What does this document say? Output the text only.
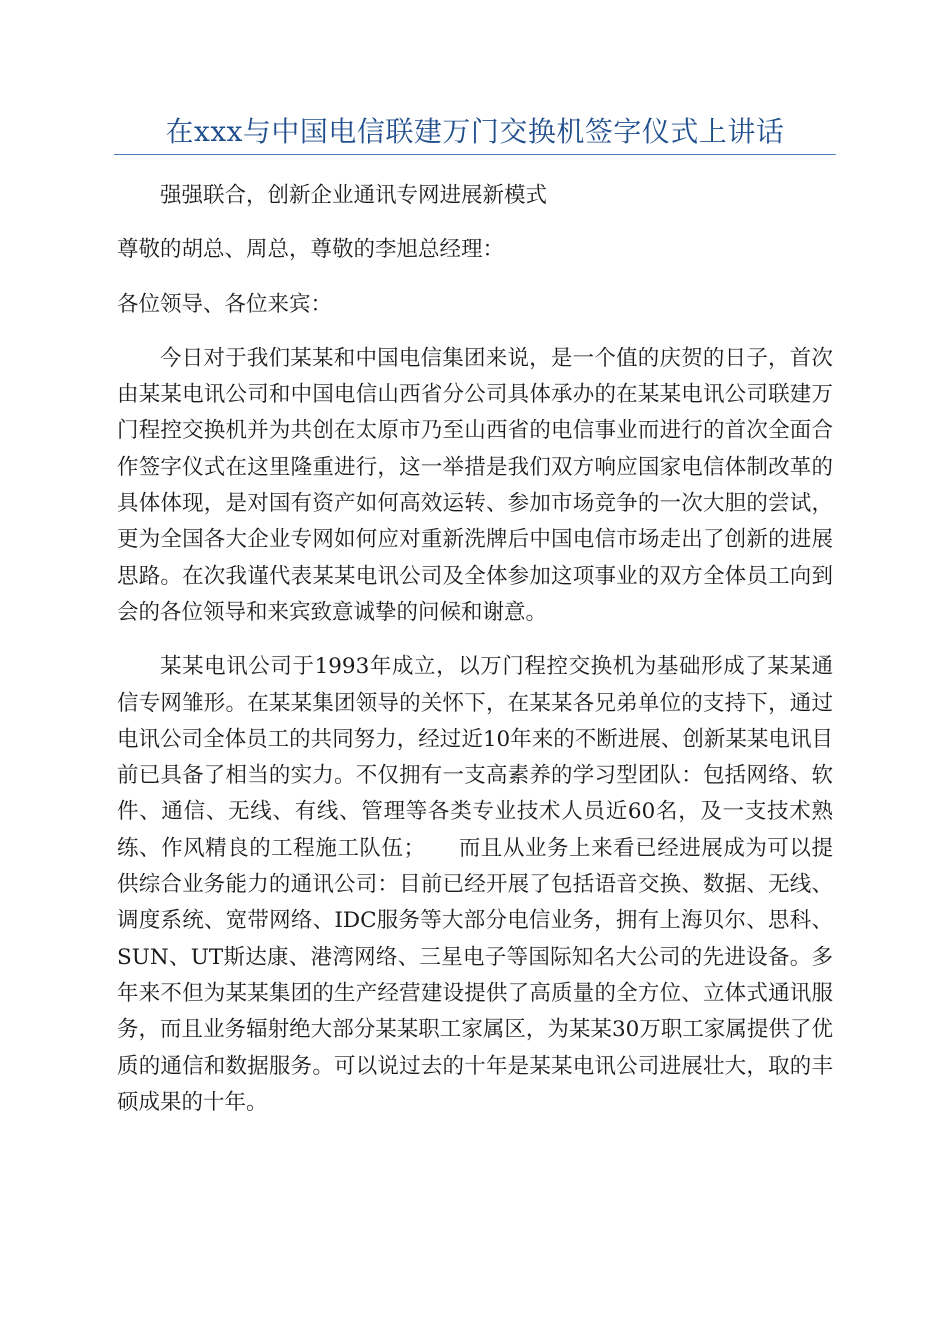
在xxx与中国电信联建万门交换机签字仪式上讲话

强强联合，创新企业通讯专网进展新模式

尊敬的胡总、周总，尊敬的李旭总经理：

各位领导、各位来宾：

今日对于我们某某和中国电信集团来说，是一个值的庆贺的日子，首次由某某电讯公司和中国电信山西省分公司具体承办的在某某电讯公司联建万门程控交换机并为共创在太原市乃至山西省的电信事业而进行的首次全面合作签字仪式在这里隆重进行，这一举措是我们双方响应国家电信体制改革的具体体现，是对国有资产如何高效运转、参加市场竞争的一次大胆的尝试，更为全国各大企业专网如何应对重新洗牌后中国电信市场走出了创新的进展思路。在次我谨代表某某电讯公司及全体参加这项事业的双方全体员工向到会的各位领导和来宾致意诚挚的问候和谢意。

某某电讯公司于1993年成立，以万门程控交换机为基础形成了某某通信专网雏形。在某某集团领导的关怀下，在某某各兄弟单位的支持下，通过电讯公司全体员工的共同努力，经过近10年来的不断进展、创新某某电讯目前已具备了相当的实力。不仅拥有一支高素养的学习型团队：包括网络、软件、通信、无线、有线、管理等各类专业技术人员近60名，及一支技术熟练、作风精良的工程施工队伍；　　而且从业务上来看已经进展成为可以提供综合业务能力的通讯公司：目前已经开展了包括语音交换、数据、无线、调度系统、宽带网络、IDC服务等大部分电信业务，拥有上海贝尔、思科、SUN、UT斯达康、港湾网络、三星电子等国际知名大公司的先进设备。多年来不但为某某集团的生产经营建设提供了高质量的全方位、立体式通讯服务，而且业务辐射绝大部分某某职工家属区，为某某30万职工家属提供了优质的通信和数据服务。可以说过去的十年是某某电讯公司进展壮大，取的丰硕成果的十年。
